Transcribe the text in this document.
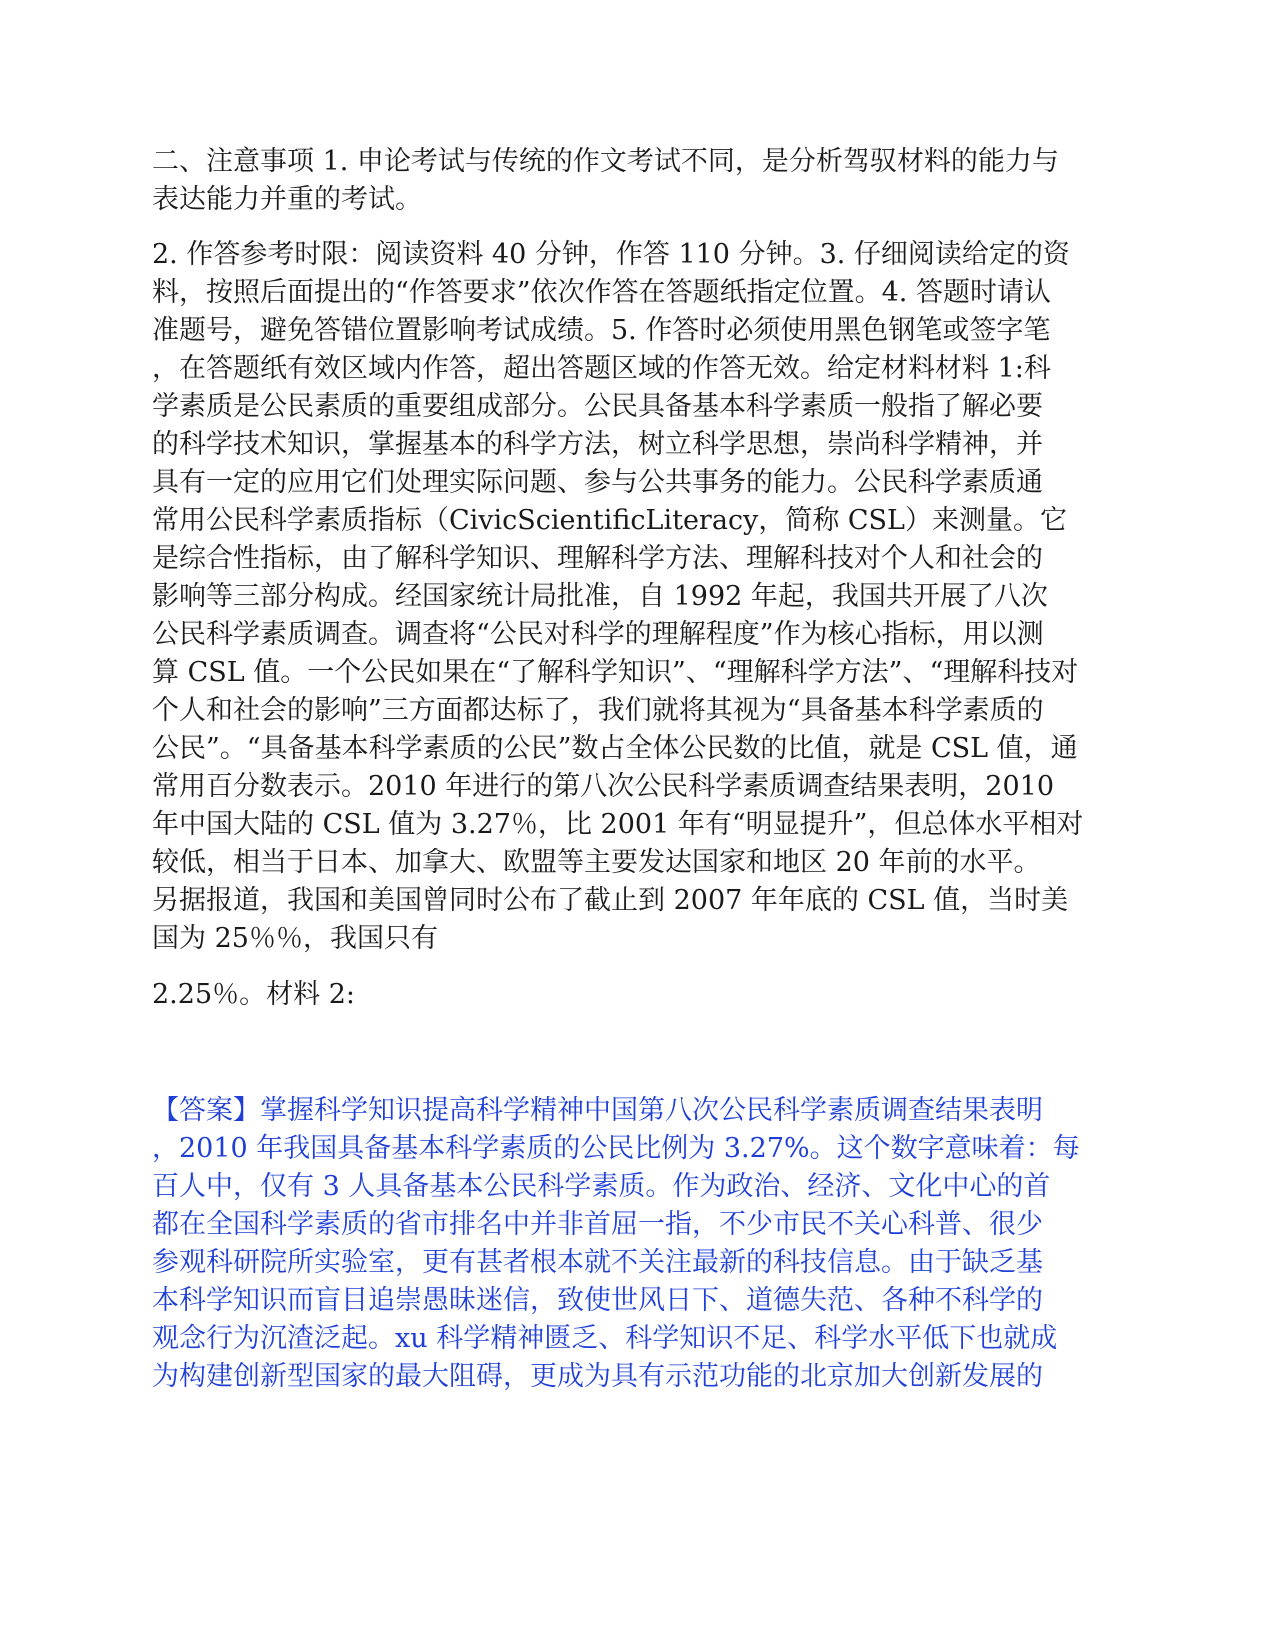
二、注意事项 1. 申论考试与传统的作文考试不同，是分析驾驭材料的能力与
表达能力并重的考试。
2. 作答参考时限：阅读资料 40 分钟，作答 110 分钟。3. 仔细阅读给定的资
料，按照后面提出的“作答要求”依次作答在答题纸指定位置。4. 答题时请认
准题号，避免答错位置影响考试成绩。5. 作答时必须使用黑色钢笔或签字笔
，在答题纸有效区域内作答，超出答题区域的作答无效。给定材料材料 1:科
学素质是公民素质的重要组成部分。公民具备基本科学素质一般指了解必要
的科学技术知识，掌握基本的科学方法，树立科学思想，崇尚科学精神，并
具有一定的应用它们处理实际问题、参与公共事务的能力。公民科学素质通
常用公民科学素质指标（CivicScientificLiteracy，简称 CSL）来测量。它
是综合性指标，由了解科学知识、理解科学方法、理解科技对个人和社会的
影响等三部分构成。经国家统计局批准，自 1992 年起，我国共开展了八次
公民科学素质调查。调查将“公民对科学的理解程度”作为核心指标，用以测
算 CSL 值。一个公民如果在“了解科学知识”、“理解科学方法”、“理解科技对
个人和社会的影响”三方面都达标了，我们就将其视为“具备基本科学素质的
公民”。“具备基本科学素质的公民”数占全体公民数的比值，就是 CSL 值，通
常用百分数表示。2010 年进行的第八次公民科学素质调查结果表明，2010
年中国大陆的 CSL 值为 3.27％，比 2001 年有“明显提升”，但总体水平相对
较低，相当于日本、加拿大、欧盟等主要发达国家和地区 20 年前的水平。
另据报道，我国和美国曾同时公布了截止到 2007 年年底的 CSL 值，当时美
国为 25％％，我国只有
2.25％。材料 2:
【答案】掌握科学知识提高科学精神中国第八次公民科学素质调查结果表明
，2010 年我国具备基本科学素质的公民比例为 3.27%。这个数字意味着：每
百人中，仅有 3 人具备基本公民科学素质。作为政治、经济、文化中心的首
都在全国科学素质的省市排名中并非首屈一指，不少市民不关心科普、很少
参观科研院所实验室，更有甚者根本就不关注最新的科技信息。由于缺乏基
本科学知识而盲目追崇愚昧迷信，致使世风日下、道德失范、各种不科学的
观念行为沉渣泛起。xu 科学精神匮乏、科学知识不足、科学水平低下也就成
为构建创新型国家的最大阻碍，更成为具有示范功能的北京加大创新发展的
